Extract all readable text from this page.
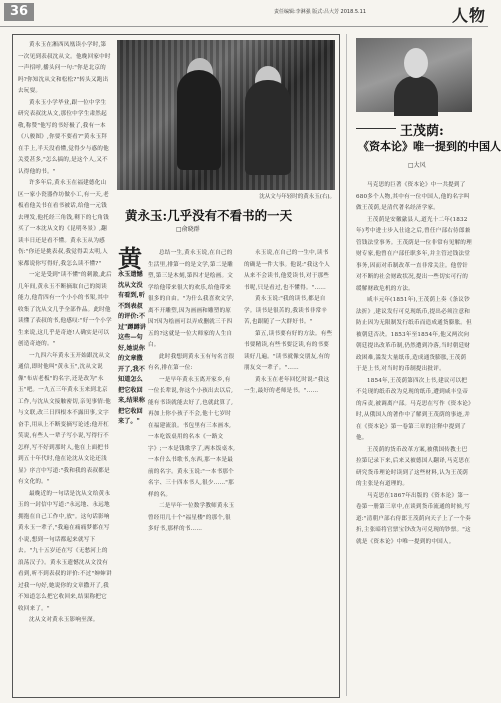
36	责任编辑:李淋强 版式:吕大芳 2018.5.11	人物
沈从文与年轻时的黄永玉(右)。
黄永玉:几乎没有不看书的一天
□俞晓群
黄
永玉遗憾沈从文没有看到,听不到表叔的评价:不过"蹲蹲讲这些—句好,她说你的文章撒开了,我不知道怎么把它收回来,结果称把它收回来了。"

黄永玉在湘西凤凰读小学时,第一次见到表叔沈从文。他晚回家中时一声招呼,播头问一句:"你是北京的吗?你知沈从文和松松?"转头又跑出去玩耍。

黄永玉小学毕业,跟一位中学生研究表叔沈从文,那位中学生肃然起敬,称赞"他写的书好极了,我有一本《八骏图》,你要不要看?"黄永玉拜在手上,半天没看懂,觉得少与惑的他关爱甚多,"怎么搞的,是这个人,又不认得他的书。"

许多年后,黄永玉在福建德化山区一家小瓷器作坊做小工,有一天,老板看他关书在看书被话,给他一元钱去理发,他托经三角钱,剩下的七角钱买了一本沈从文的《昆明冬景》,翻读丰日还是看不懂。黄永玉从为感伤:"你还是挑表叔,我觉得丢太明,人家都说你写得好,我怎么读不懂?"

一定是受到"读不懂"的刺激,此后几年间,黄永玉不断摘取自己的阅读能力,他背四有一个小小的书架,其中收集了沈从文几乎全部作品。此时他读懂了表叔的书,他感叹:"好一个小学生来说,这几乎是奇迹!人确实是可以创造奇迹的。"

一九四六年黄永玉开始跟沈从文通信,即时他叫"黄永玉",沈从文说像"布店老板"的名字,还是改为"永玉"吧。一九五三年黄永玉来到北京工作,与沈从文接触密切,亲见事情:他与文联,改三日四根本不露田事,文字奋手,用从上不断变摘写论述;他开杠笑说,有些人一辈子写小说,写得行不怎样,写不好到那时人,他在上面把书到五十年代时,他在论沈从文论还浅显》序言中写道:"我和我的表叔都是有文化的。"

最晚近的一句话是沈从文给黄永玉的一封信中写道:"永远地、永远地拥抱在自己工作中,放"。这句话影响黄永玉一辈子,"我遍在痛痛梦都在写小说,想到一句话都起来就写下去。"九十五岁还在写《无愁河上的浪荡汉子》。黄永玉遗憾沈从文没有看到,听不到表叔的评价:不过"婶婶讲过我一句好,她说你的文章撒开了,我不知道怎么把它收回来,结果称把它收回来了。"

沈从文对黄永玉影响至深。

总结一生,黄永玉说,在自己的生活里,排第一的是文学,第二是雕塑,第三是木刻,第四才是绘画。文学给他带来很大的欢乐,给他带来很多的自由。"为什么我喜欢文学,离不开雕塑,因为画画和雕塑的原因?因为绘画可以弄成删就三千四五的?这就是一位大师家的人生自白。

此时我想到黄永玉有句名言很有名,排在第一位:

一是早年黄永玉离开家乡,有一位长辈说,你这个小孩出去以后,能有书读就能去好了,也就此算了,再加上你小孩子不会,他十七岁时在福建流浪。书包里有三本画本,一本吃饭桌用的名本《一路文字》;一本是钱歌学了,两本饭桌本,一本什么书歌书,东西,那一本是最前的名字。黄永玉说:"一本书那个名字、三十四本书人,很少……"那样的名。

二是早年一位数学教师黄永玉曾经用几十个"福星楼"的那个,很多好书,那样的书……

永玉说,在自己的一生中,读书的确是一件大事。他说:"我这个人从来不会读书,他爱读书,对于那些书呢,只是看过,也不懂得。"……

黄永玉说:"我的读书,都是自学。读书是很苦的,我读书非常辛苦,也跟随了一大群好书。"

第五,读书要有好的方法。有些书要精读,有些书要泛读,有的书要读好几遍。"读书就像交朋友,有的朋友交一辈子。"……

黄永玉在老年回忆时说:"我这一生,最好的老师是书。"……

王茂荫:
《资本论》唯一提到的中国人
□大风

马克思的巨著《资本论》中一共提到了680多个人物,其中有一位中国人,他的名字叫做王茂荫,是清代著名经济学家。

王茂荫是安徽歙县人,道光十二年(1832年)考中进士步入仕途之后,曾任户部右侍郎兼管钱法堂事务。王茂荫是一位非常有见解的理财专家,他曾在户部任职多年,并主管过钱法堂事务,因而对币制改革一直非常关注。他曾针对不断的社会财政状况,提出一些切实可行的缓解财政危机的方法。

咸丰元年(1851年),王茂荫上奏《条议钞法折》,建议发行可兑现纸币,提出必须注意和防止因为无限制发行纸币而造成通货膨胀。但被朝廷否决。1853年至1854年,他又两次向朝廷提出改革币制,仍然遭到冷落,当时朝廷财政困难,滥发大量纸币,造成通货膨胀,王茂荫于是上书,对当时的币制提出批评。

1854年,王茂荫第四次上书,建议可以把不兑现的纸币改为兑现的纸币,遭到咸丰皇帝的斥责,被调离户部。马克思在写作《资本论》时,从俄国人的著作中了解到王茂荫的事迹,并在《资本论》第一卷第三章的注释中提到了他。

王茂荫的货币改革方案,被俄国传教士巴拉第记录下来,后来又被德国人翻译,马克思在研究货币理论时读到了这些材料,认为王茂荫的主张是有道理的。

马克思在1867年出版的《资本论》第一卷第一册第三章中,在谈到货币流通的时候,写道:"清朝户部右侍郎王茂荫向天子上了一个奏折,主张暗将官票宝钞改为可兑现的钞票。"这就是《资本论》中唯一提到的中国人。
